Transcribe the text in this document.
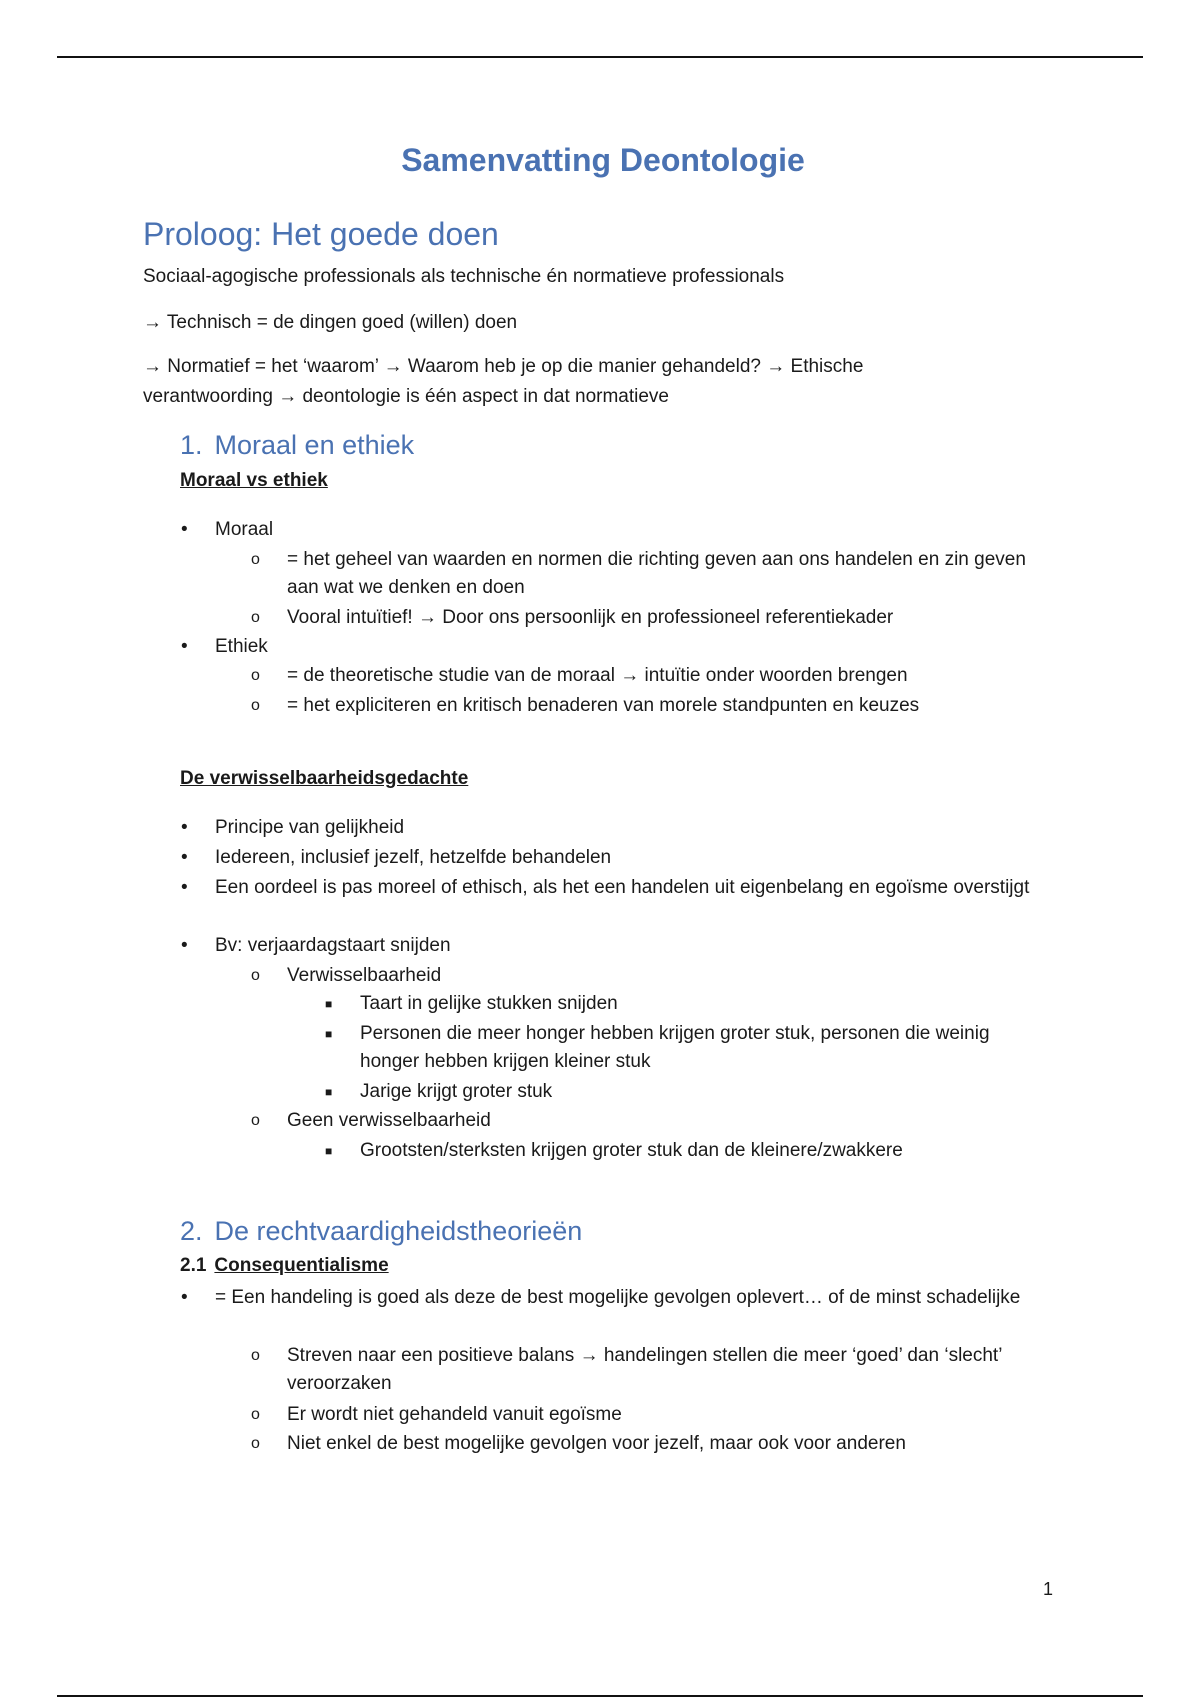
Samenvatting Deontologie
Proloog: Het goede doen

Sociaal-agogische professionals als technische én normatieve professionals

→ Technisch = de dingen goed (willen) doen

→ Normatief = het ‘waarom’ → Waarom heb je op die manier gehandeld? → Ethische

verantwoording → deontologie is één aspect in dat normatieve

1. Moraal en ethiek

Moraal vs ethiek

• Moraal
o = het geheel van waarden en normen die richting geven aan ons handelen en zin geven aan wat we denken en doen
o Vooral intuïtief! → Door ons persoonlijk en professioneel referentiekader
• Ethiek
o = de theoretische studie van de moraal → intuïtie onder woorden brengen
o = het expliciteren en kritisch benaderen van morele standpunten en keuzes

De verwisselbaarheidsgedachte

• Principe van gelijkheid
• Iedereen, inclusief jezelf, hetzelfde behandelen
• Een oordeel is pas moreel of ethisch, als het een handelen uit eigenbelang en egoïsme overstijgt
• Bv: verjaardagstaart snijden
o Verwisselbaarheid
■ Taart in gelijke stukken snijden
■ Personen die meer honger hebben krijgen groter stuk, personen die weinig honger hebben krijgen kleiner stuk
■ Jarige krijgt groter stuk
o Geen verwisselbaarheid
■ Grootsten/sterksten krijgen groter stuk dan de kleinere/zwakkere
2. De rechtvaardigheidstheorieën

2.1 Consequentialisme

• = Een handeling is goed als deze de best mogelijke gevolgen oplevert… of de minst schadelijke
o Streven naar een positieve balans → handelingen stellen die meer ‘goed’ dan ‘slecht’ veroorzaken
o Er wordt niet gehandeld vanuit egoïsme
o Niet enkel de best mogelijke gevolgen voor jezelf, maar ook voor anderen

1
